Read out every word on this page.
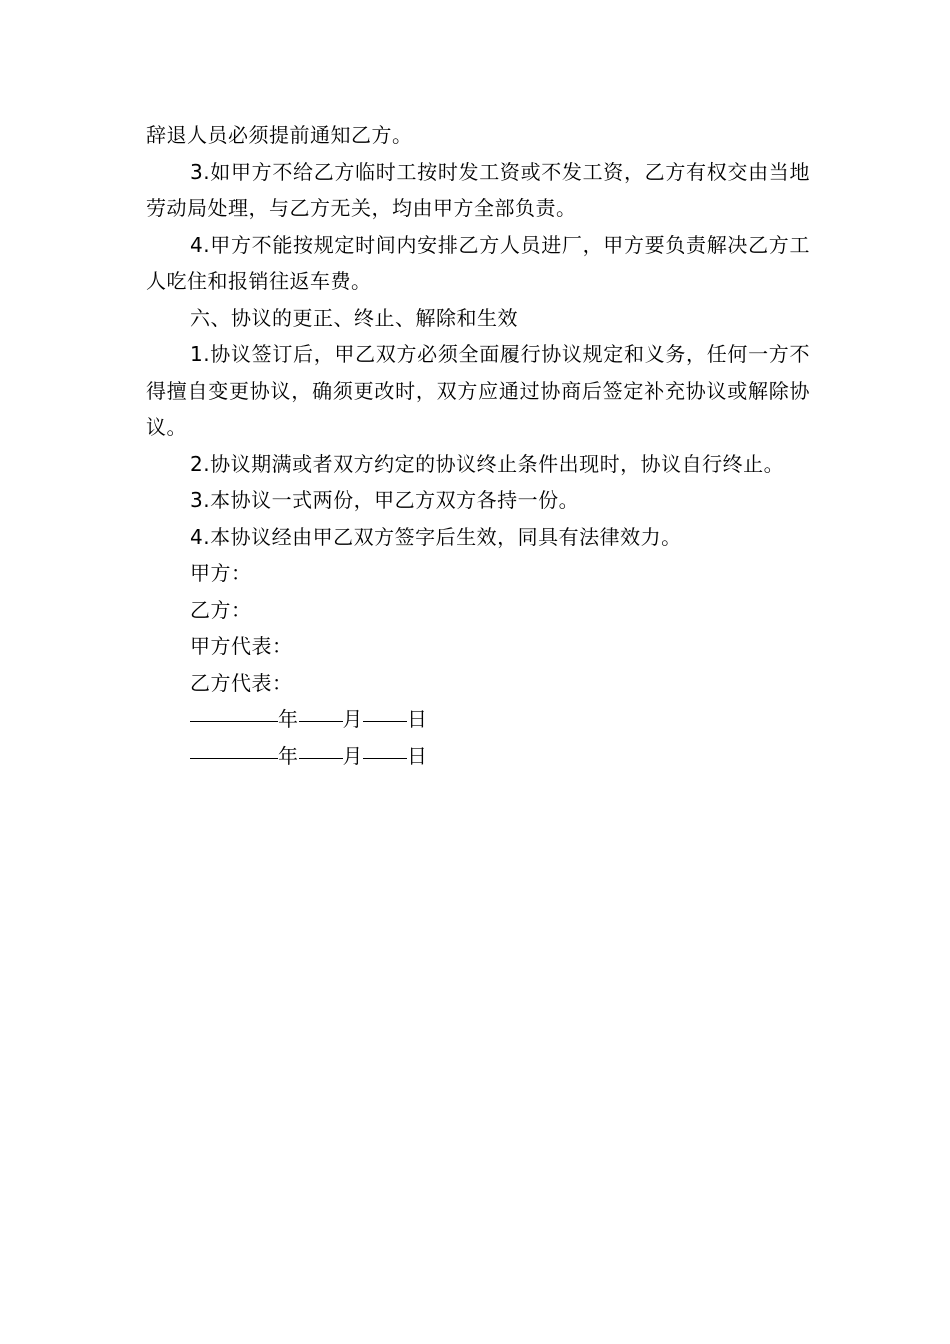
辞退人员必须提前通知乙方。

3.如甲方不给乙方临时工按时发工资或不发工资，乙方有权交由当地劳动局处理，与乙方无关，均由甲方全部负责。

4.甲方不能按规定时间内安排乙方人员进厂，甲方要负责解决乙方工人吃住和报销往返车费。

六、协议的更正、终止、解除和生效

1.协议签订后，甲乙双方必须全面履行协议规定和义务，任何一方不得擅自变更协议，确须更改时，双方应通过协商后签定补充协议或解除协议。

2.协议期满或者双方约定的协议终止条件出现时，协议自行终止。

3.本协议一式两份，甲乙方双方各持一份。

4.本协议经由甲乙双方签字后生效，同具有法律效力。

甲方：

乙方：

甲方代表：

乙方代表：

年 月 日

年 月 日
